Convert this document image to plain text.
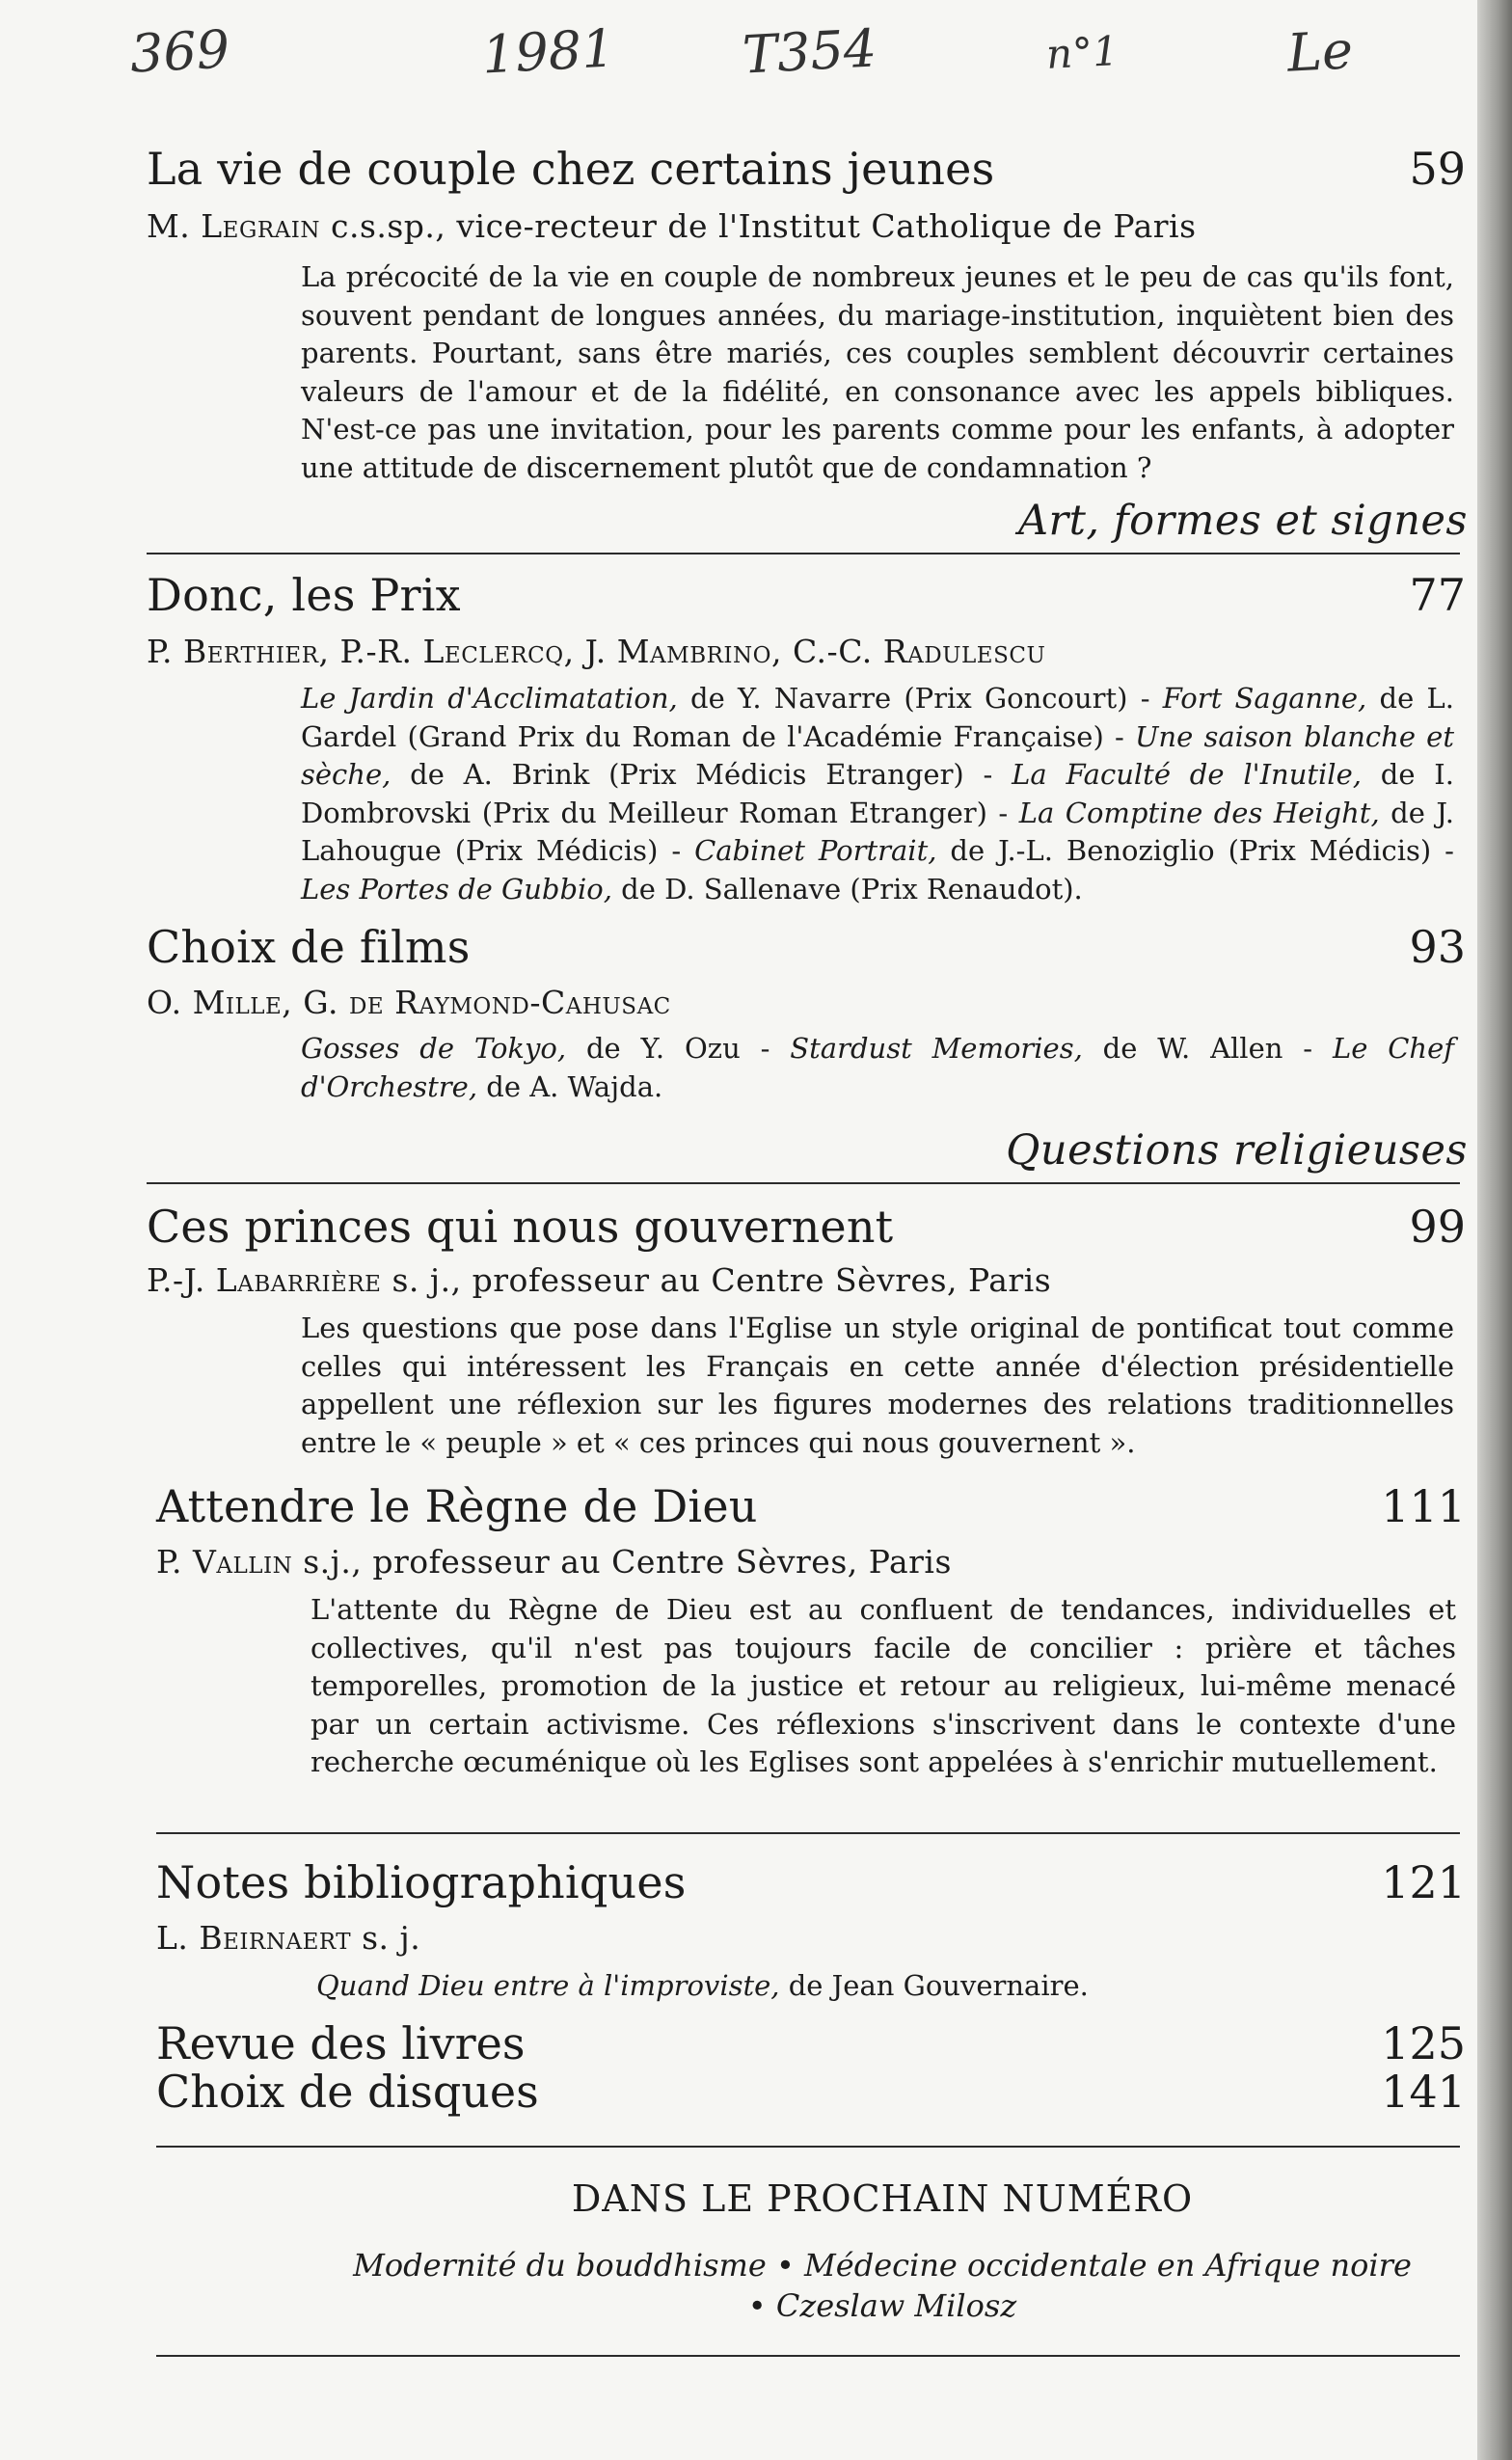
369	1981 T354	n°1	Le
La vie de couple chez certains jeunes	59
M. Legrain c.s.sp., vice-recteur de l'Institut Catholique de Paris
La précocité de la vie en couple de nombreux jeunes et le peu de cas qu'ils font, souvent pendant de longues années, du mariage-institution, inquiètent bien des parents. Pourtant, sans être mariés, ces couples semblent découvrir certaines valeurs de l'amour et de la fidélité, en consonance avec les appels bibliques. N'est-ce pas une invitation, pour les parents comme pour les enfants, à adopter une attitude de discernement plutôt que de condamnation ?
Art, formes et signes
Donc, les Prix	77
P. Berthier, P.-R. Leclercq, J. Mambrino, C.-C. Radulescu
Le Jardin d'Acclimatation, de Y. Navarre (Prix Goncourt) - Fort Saganne, de L. Gardel (Grand Prix du Roman de l'Académie Française) - Une saison blanche et sèche, de A. Brink (Prix Médicis Etranger) - La Faculté de l'Inutile, de I. Dombrovski (Prix du Meilleur Roman Etranger) - La Comptine des Height, de J. Lahougue (Prix Médicis) - Cabinet Portrait, de J.-L. Benoziglio (Prix Médicis) - Les Portes de Gubbio, de D. Sallenave (Prix Renaudot).
Choix de films	93
O. Mille, G. de Raymond-Cahusac
Gosses de Tokyo, de Y. Ozu - Stardust Memories, de W. Allen - Le Chef d'Orchestre, de A. Wajda.
Questions religieuses
Ces princes qui nous gouvernent	99
P.-J. Labarrière s. j., professeur au Centre Sèvres, Paris
Les questions que pose dans l'Eglise un style original de pontificat tout comme celles qui intéressent les Français en cette année d'élection présidentielle appellent une réflexion sur les figures modernes des relations traditionnelles entre le « peuple » et « ces princes qui nous gouvernent ».
Attendre le Règne de Dieu	111
P. Vallin s.j., professeur au Centre Sèvres, Paris
L'attente du Règne de Dieu est au confluent de tendances, individuelles et collectives, qu'il n'est pas toujours facile de concilier : prière et tâches temporelles, promotion de la justice et retour au religieux, lui-même menacé par un certain activisme. Ces réflexions s'inscrivent dans le contexte d'une recherche œcuménique où les Eglises sont appelées à s'enrichir mutuellement.
Notes bibliographiques	121
L. Beirnaert s. j.
Quand Dieu entre à l'improviste, de Jean Gouvernaire.
Revue des livres	125
Choix de disques	141
DANS LE PROCHAIN NUMÉRO
Modernité du bouddhisme • Médecine occidentale en Afrique noire
• Czeslaw Milosz
